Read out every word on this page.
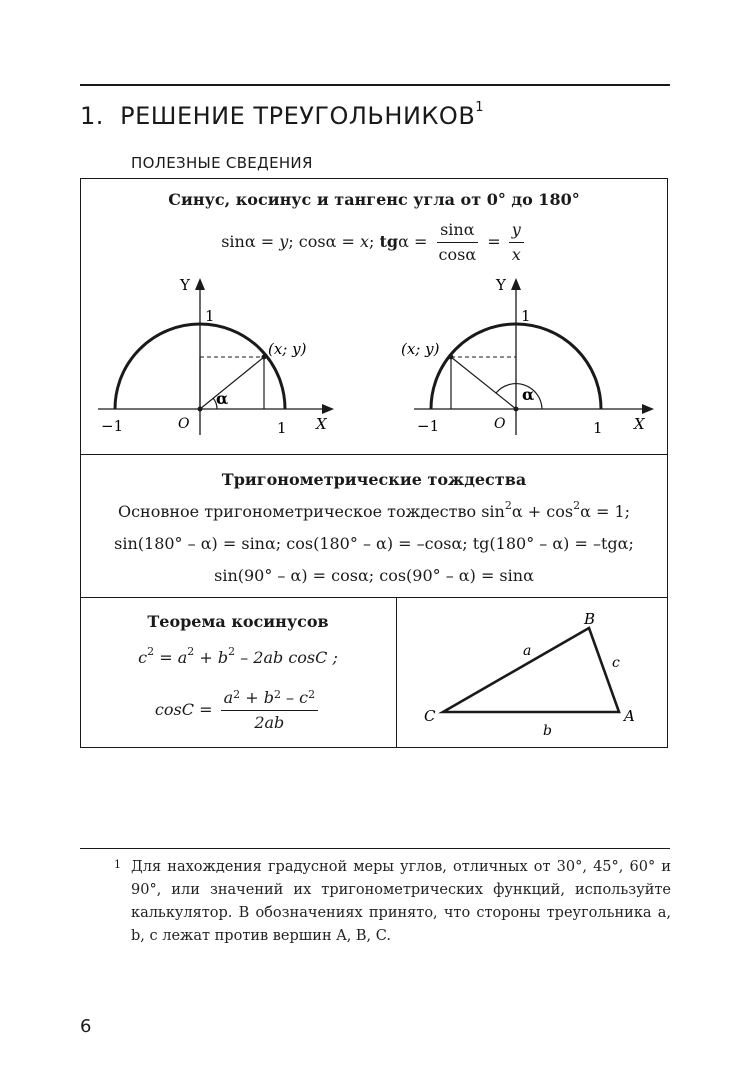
1. РЕШЕНИЕ ТРЕУГОЛЬНИКОВ$^1$
ПОЛЕЗНЫЕ СВЕДЕНИЯ
Синус, косинус и тангенс угла от 0° до 180°
sinα = y; cosα = x; $tg\alpha = \frac{\sin\alpha}{\cos\alpha} = \frac{y}{x}$
Y
1
(x; y)
α
−1	O	1 X
Y
1
(x; y)
α
−1	O	1 X
Тригонометрические тождества
Основное тригонометрическое тождество $\sin^2\alpha + \cos^2\alpha = 1$;
sin(180° – α) = sinα; cos(180° – α) = –cosα; tg(180° – α) = –tgα;
sin(90° – α) = cosα; cos(90° – α) = sinα
Теорема косинусов
$c^2 = a^2 + b^2 - 2ab$ cosC ;
$\cos C = \frac{a^2 + b^2 - c^2}{2ab}$
B
C	A
a
c
b
1 Для нахождения градусной меры углов, отличных от 30°, 45°, 60° и 90°, или значений их тригонометрических функций, используйте калькулятор. В обозначениях принято, что стороны треугольника a, b, c лежат против вершин A, B, C.
6
